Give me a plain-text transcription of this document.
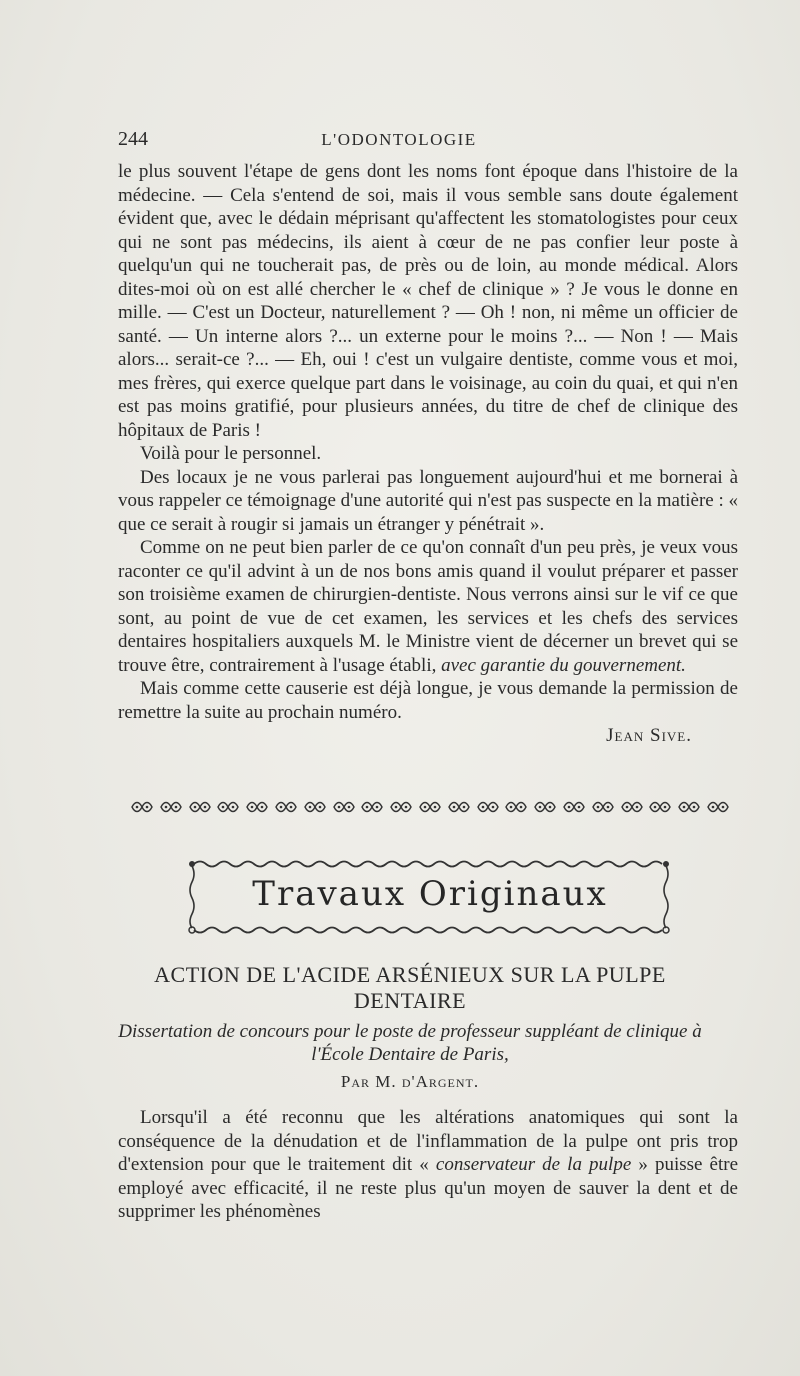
244	L'ODONTOLOGIE

le plus souvent l'étape de gens dont les noms font époque dans l'histoire de la médecine. — Cela s'entend de soi, mais il vous semble sans doute également évident que, avec le dédain méprisant qu'affectent les stomatologistes pour ceux qui ne sont pas médecins, ils aient à cœur de ne pas confier leur poste à quelqu'un qui ne toucherait pas, de près ou de loin, au monde médical. Alors dites-moi où on est allé chercher le « chef de clinique » ? Je vous le donne en mille. — C'est un Docteur, naturellement ? — Oh ! non, ni même un officier de santé. — Un interne alors ?... un externe pour le moins ?... — Non ! — Mais alors... serait-ce ?... — Eh, oui ! c'est un vulgaire dentiste, comme vous et moi, mes frères, qui exerce quelque part dans le voisinage, au coin du quai, et qui n'en est pas moins gratifié, pour plusieurs années, du titre de chef de clinique des hôpitaux de Paris !

Voilà pour le personnel.

Des locaux je ne vous parlerai pas longuement aujourd'hui et me bornerai à vous rappeler ce témoignage d'une autorité qui n'est pas suspecte en la matière : « que ce serait à rougir si jamais un étranger y pénétrait ».

Comme on ne peut bien parler de ce qu'on connaît d'un peu près, je veux vous raconter ce qu'il advint à un de nos bons amis quand il voulut préparer et passer son troisième examen de chirurgien-dentiste. Nous verrons ainsi sur le vif ce que sont, au point de vue de cet examen, les services et les chefs des services dentaires hospitaliers auxquels M. le Ministre vient de décerner un brevet qui se trouve être, contrairement à l'usage établi, avec garantie du gouvernement.

Mais comme cette causerie est déjà longue, je vous demande la permission de remettre la suite au prochain numéro.

Jean Sive.
Travaux Originaux
ACTION DE L'ACIDE ARSÉNIEUX SUR LA PULPE DENTAIRE
Dissertation de concours pour le poste de professeur suppléant de clinique à l'École Dentaire de Paris,
Par M. d'Argent.

Lorsqu'il a été reconnu que les altérations anatomiques qui sont la conséquence de la dénudation et de l'inflammation de la pulpe ont pris trop d'extension pour que le traitement dit « conservateur de la pulpe » puisse être employé avec efficacité, il ne reste plus qu'un moyen de sauver la dent et de supprimer les phénomènes
